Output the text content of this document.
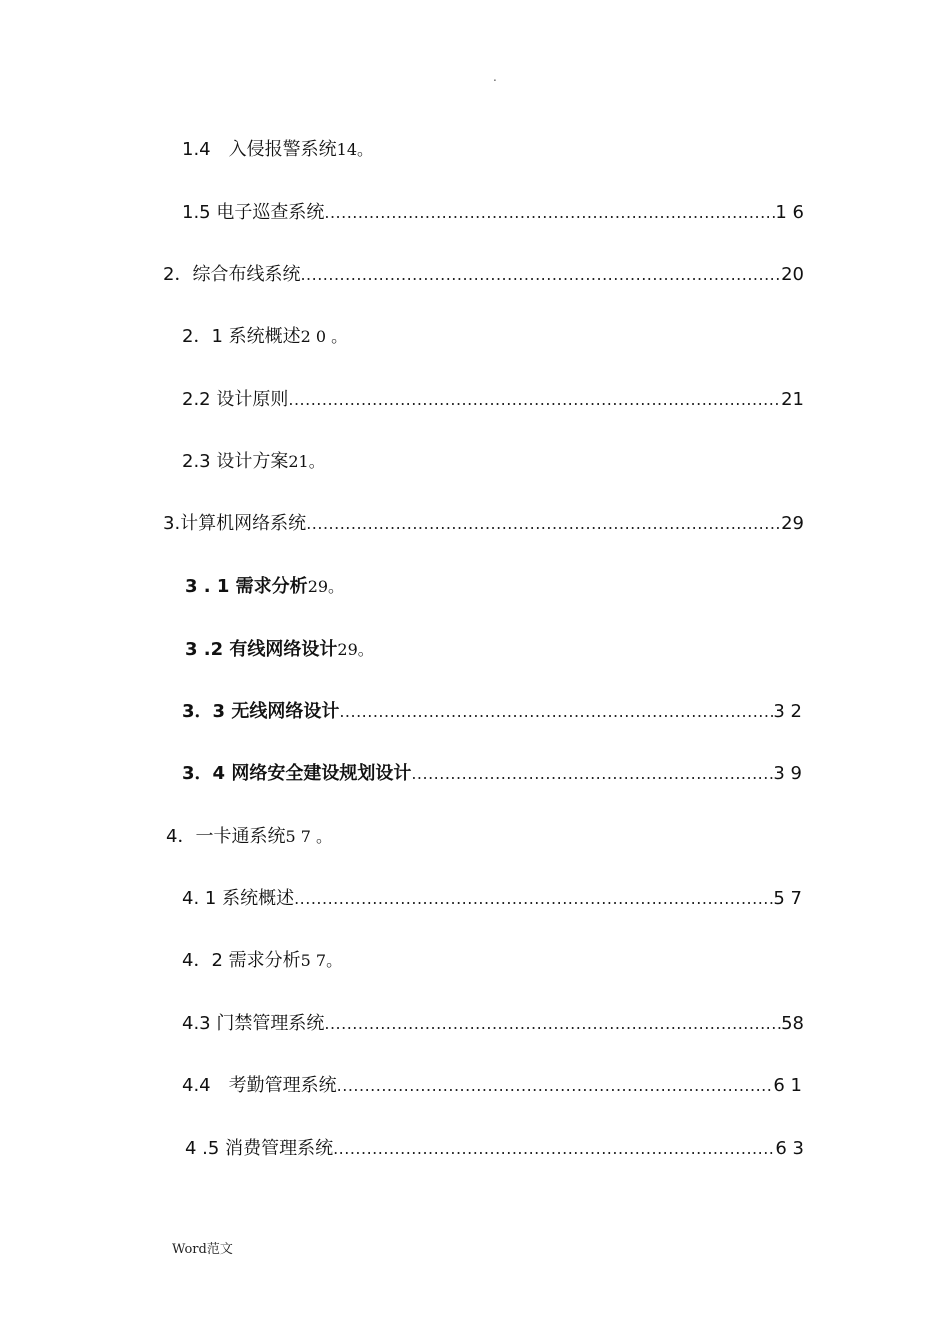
.
1.4　入侵报警系统14。
1.5 电子巡查系统 .....	1 6
2．综合布线系统 .....	20
2．1 系统概述2 0 。
2.2 设计原则 .....	21
2.3 设计方案21。
3.计算机网络系统 .....	29
3 . 1 需求分析29。
3 .2 有线网络设计29。
3．3 无线网络设计 .....	3 2
3．4 网络安全建设规划设计 .....	3 9
4．一卡通系统5 7 。
4. 1 系统概述 .....	5 7
4．2 需求分析5 7。
4.3 门禁管理系统 .....	58
4.4　考勤管理系统 .....	6 1
4 .5 消费管理系统 .....	6 3
Word范文
